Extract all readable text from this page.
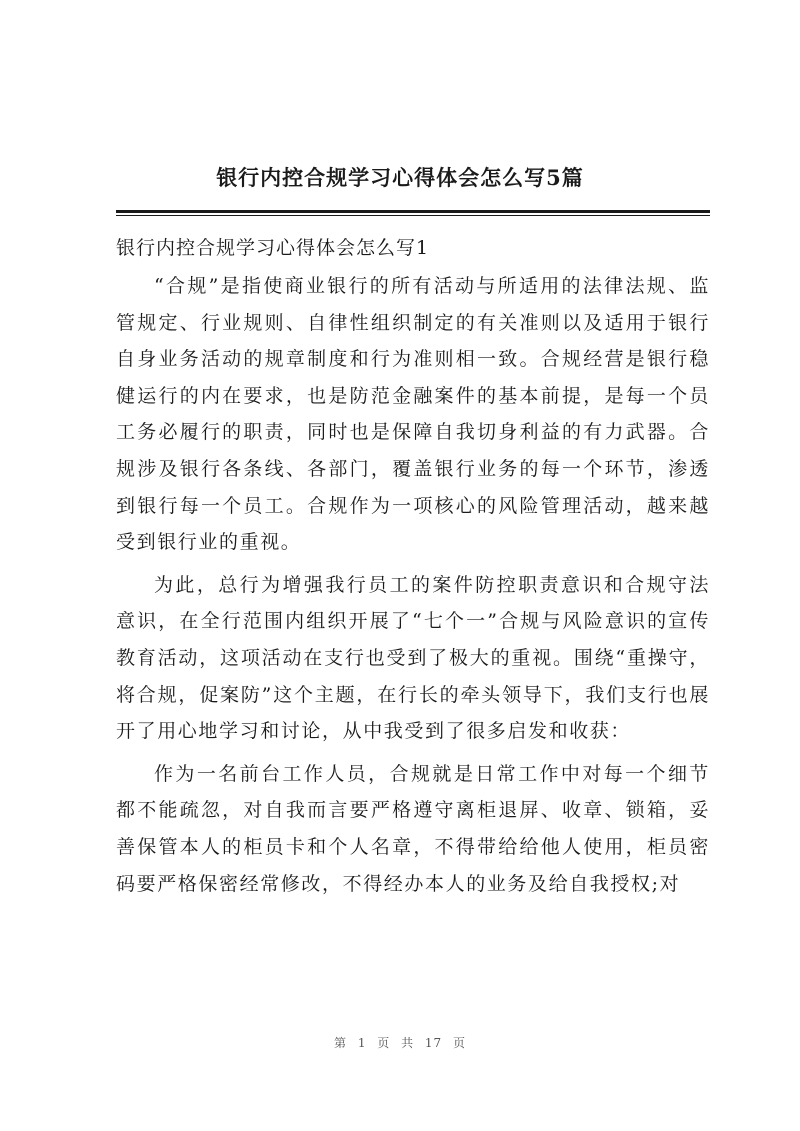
银行内控合规学习心得体会怎么写5篇
银行内控合规学习心得体会怎么写1

“合规”是指使商业银行的所有活动与所适用的法律法规、监管规定、行业规则、自律性组织制定的有关准则以及适用于银行自身业务活动的规章制度和行为准则相一致。合规经营是银行稳健运行的内在要求，也是防范金融案件的基本前提，是每一个员工务必履行的职责，同时也是保障自我切身利益的有力武器。合规涉及银行各条线、各部门，覆盖银行业务的每一个环节，渗透到银行每一个员工。合规作为一项核心的风险管理活动，越来越受到银行业的重视。

为此，总行为增强我行员工的案件防控职责意识和合规守法意识，在全行范围内组织开展了“七个一”合规与风险意识的宣传教育活动，这项活动在支行也受到了极大的重视。围绕“重操守，将合规，促案防”这个主题，在行长的牵头领导下，我们支行也展开了用心地学习和讨论，从中我受到了很多启发和收获：

作为一名前台工作人员，合规就是日常工作中对每一个细节都不能疏忽，对自我而言要严格遵守离柜退屏、收章、锁箱，妥善保管本人的柜员卡和个人名章，不得带给给他人使用，柜员密码要严格保密经常修改，不得经办本人的业务及给自我授权;对

第 1 页 共 17 页
